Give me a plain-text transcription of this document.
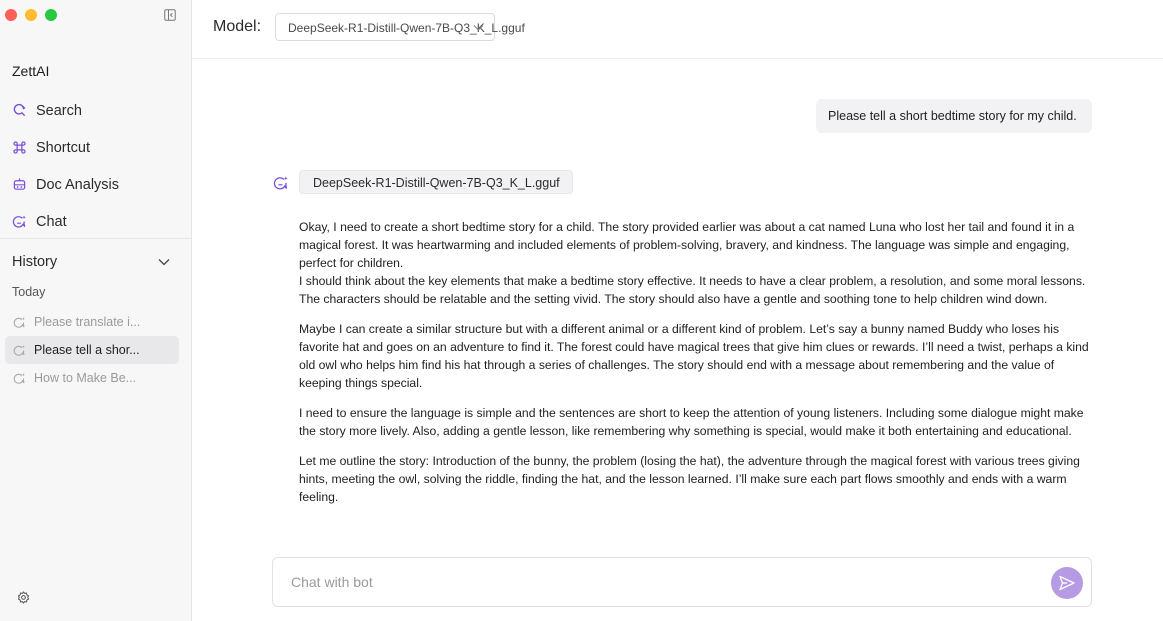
ZettAI
Search
Shortcut
Doc Analysis
Chat
History
Today
Please translate i...
Please tell a shor...
How to Make Be...
Model: DeepSeek-R1-Distill-Qwen-7B-Q3_K_L.gguf
Please tell a short bedtime story for my child.
DeepSeek-R1-Distill-Qwen-7B-Q3_K_L.gguf

Okay, I need to create a short bedtime story for a child. The story provided earlier was about a cat named Luna who lost her tail and found it in a magical forest. It was heartwarming and included elements of problem-solving, bravery, and kindness. The language was simple and engaging, perfect for children.

I should think about the key elements that make a bedtime story effective. It needs to have a clear problem, a resolution, and some moral lessons. The characters should be relatable and the setting vivid. The story should also have a gentle and soothing tone to help children wind down.

Maybe I can create a similar structure but with a different animal or a different kind of problem. Let’s say a bunny named Buddy who loses his favorite hat and goes on an adventure to find it. The forest could have magical trees that give him clues or rewards. I’ll need a twist, perhaps a kind old owl who helps him find his hat through a series of challenges. The story should end with a message about remembering and the value of keeping things special.

I need to ensure the language is simple and the sentences are short to keep the attention of young listeners. Including some dialogue might make the story more lively. Also, adding a gentle lesson, like remembering why something is special, would make it both entertaining and educational.

Let me outline the story: Introduction of the bunny, the problem (losing the hat), the adventure through the magical forest with various trees giving hints, meeting the owl, solving the riddle, finding the hat, and the lesson learned. I’ll make sure each part flows smoothly and ends with a warm feeling.

Chat with bot
